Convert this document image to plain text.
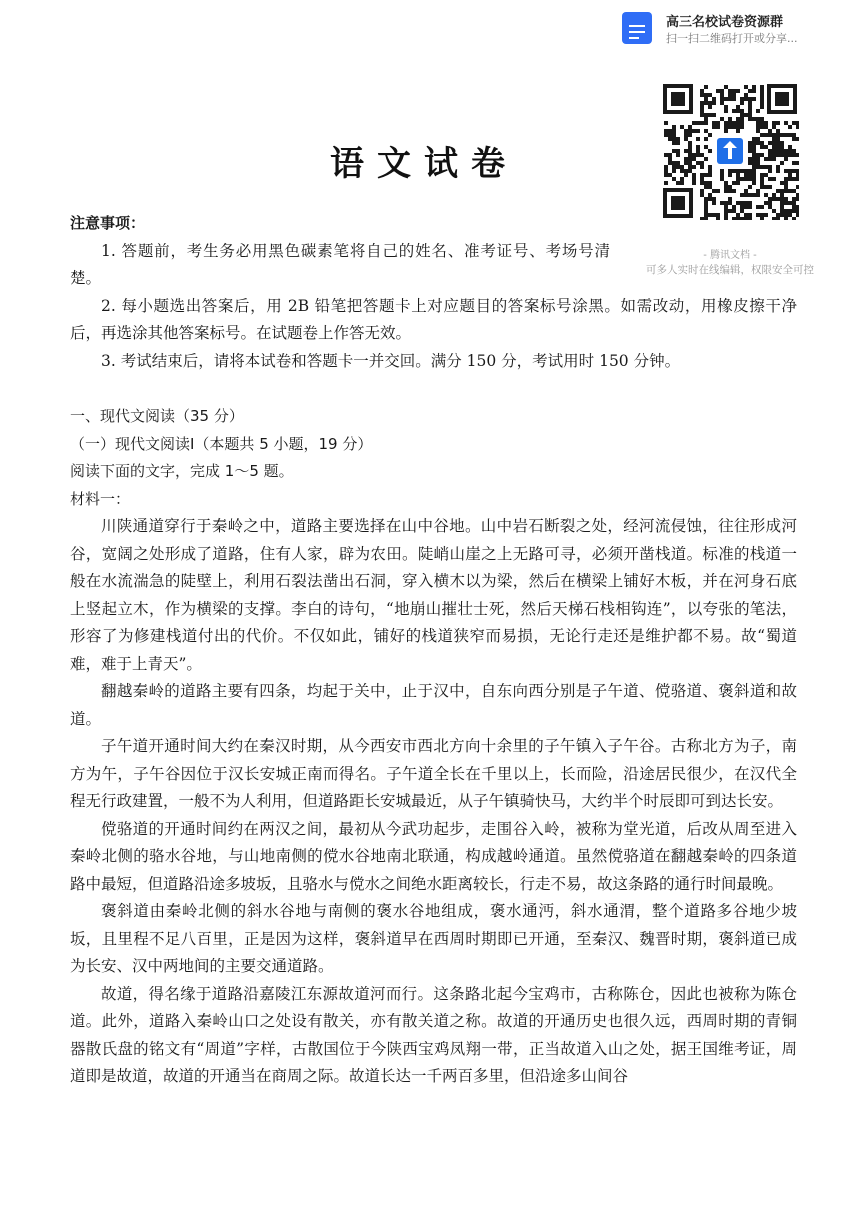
高三名校试卷资源群
扫一扫二维码打开或分享...
- 腾讯文档 -
可多人实时在线编辑，权限安全可控
语文试卷

注意事项：

1. 答题前，考生务必用黑色碳素笔将自己的姓名、准考证号、考场号清楚。

2. 每小题选出答案后，用 2B 铅笔把答题卡上对应题目的答案标号涂黑。如需改动，用橡皮擦干净后，再选涂其他答案标号。在试题卷上作答无效。

3. 考试结束后，请将本试卷和答题卡一并交回。满分 150 分，考试用时 150 分钟。

一、现代文阅读（35 分）

（一）现代文阅读Ⅰ（本题共 5 小题，19 分）

阅读下面的文字，完成 1～5 题。

材料一：

川陕通道穿行于秦岭之中，道路主要选择在山中谷地。山中岩石断裂之处，经河流侵蚀，往往形成河谷，宽阔之处形成了道路，住有人家，辟为农田。陡峭山崖之上无路可寻，必须开凿栈道。标准的栈道一般在水流湍急的陡壁上，利用石裂法凿出石洞，穿入横木以为梁，然后在横梁上铺好木板，并在河身石底上竖起立木，作为横梁的支撑。李白的诗句，“地崩山摧壮士死，然后天梯石栈相钩连”，以夸张的笔法，形容了为修建栈道付出的代价。不仅如此，铺好的栈道狭窄而易损，无论行走还是维护都不易。故“蜀道难，难于上青天”。

翻越秦岭的道路主要有四条，均起于关中，止于汉中，自东向西分别是子午道、傥骆道、褒斜道和故道。

子午道开通时间大约在秦汉时期，从今西安市西北方向十余里的子午镇入子午谷。古称北方为子，南方为午，子午谷因位于汉长安城正南而得名。子午道全长在千里以上，长而险，沿途居民很少，在汉代全程无行政建置，一般不为人利用，但道路距长安城最近，从子午镇骑快马，大约半个时辰即可到达长安。

傥骆道的开通时间约在两汉之间，最初从今武功起步，走围谷入岭，被称为堂光道，后改从周至进入秦岭北侧的骆水谷地，与山地南侧的傥水谷地南北联通，构成越岭通道。虽然傥骆道在翻越秦岭的四条道路中最短，但道路沿途多坡坂，且骆水与傥水之间绝水距离较长，行走不易，故这条路的通行时间最晚。

褒斜道由秦岭北侧的斜水谷地与南侧的褒水谷地组成，褒水通沔，斜水通渭，整个道路多谷地少坡坂，且里程不足八百里，正是因为这样，褒斜道早在西周时期即已开通，至秦汉、魏晋时期，褒斜道已成为长安、汉中两地间的主要交通道路。

故道，得名缘于道路沿嘉陵江东源故道河而行。这条路北起今宝鸡市，古称陈仓，因此也被称为陈仓道。此外，道路入秦岭山口之处设有散关，亦有散关道之称。故道的开通历史也很久远，西周时期的青铜器散氏盘的铭文有“周道”字样，古散国位于今陕西宝鸡凤翔一带，正当故道入山之处，据王国维考证，周道即是故道，故道的开通当在商周之际。故道长达一千两百多里，但沿途多山间谷
